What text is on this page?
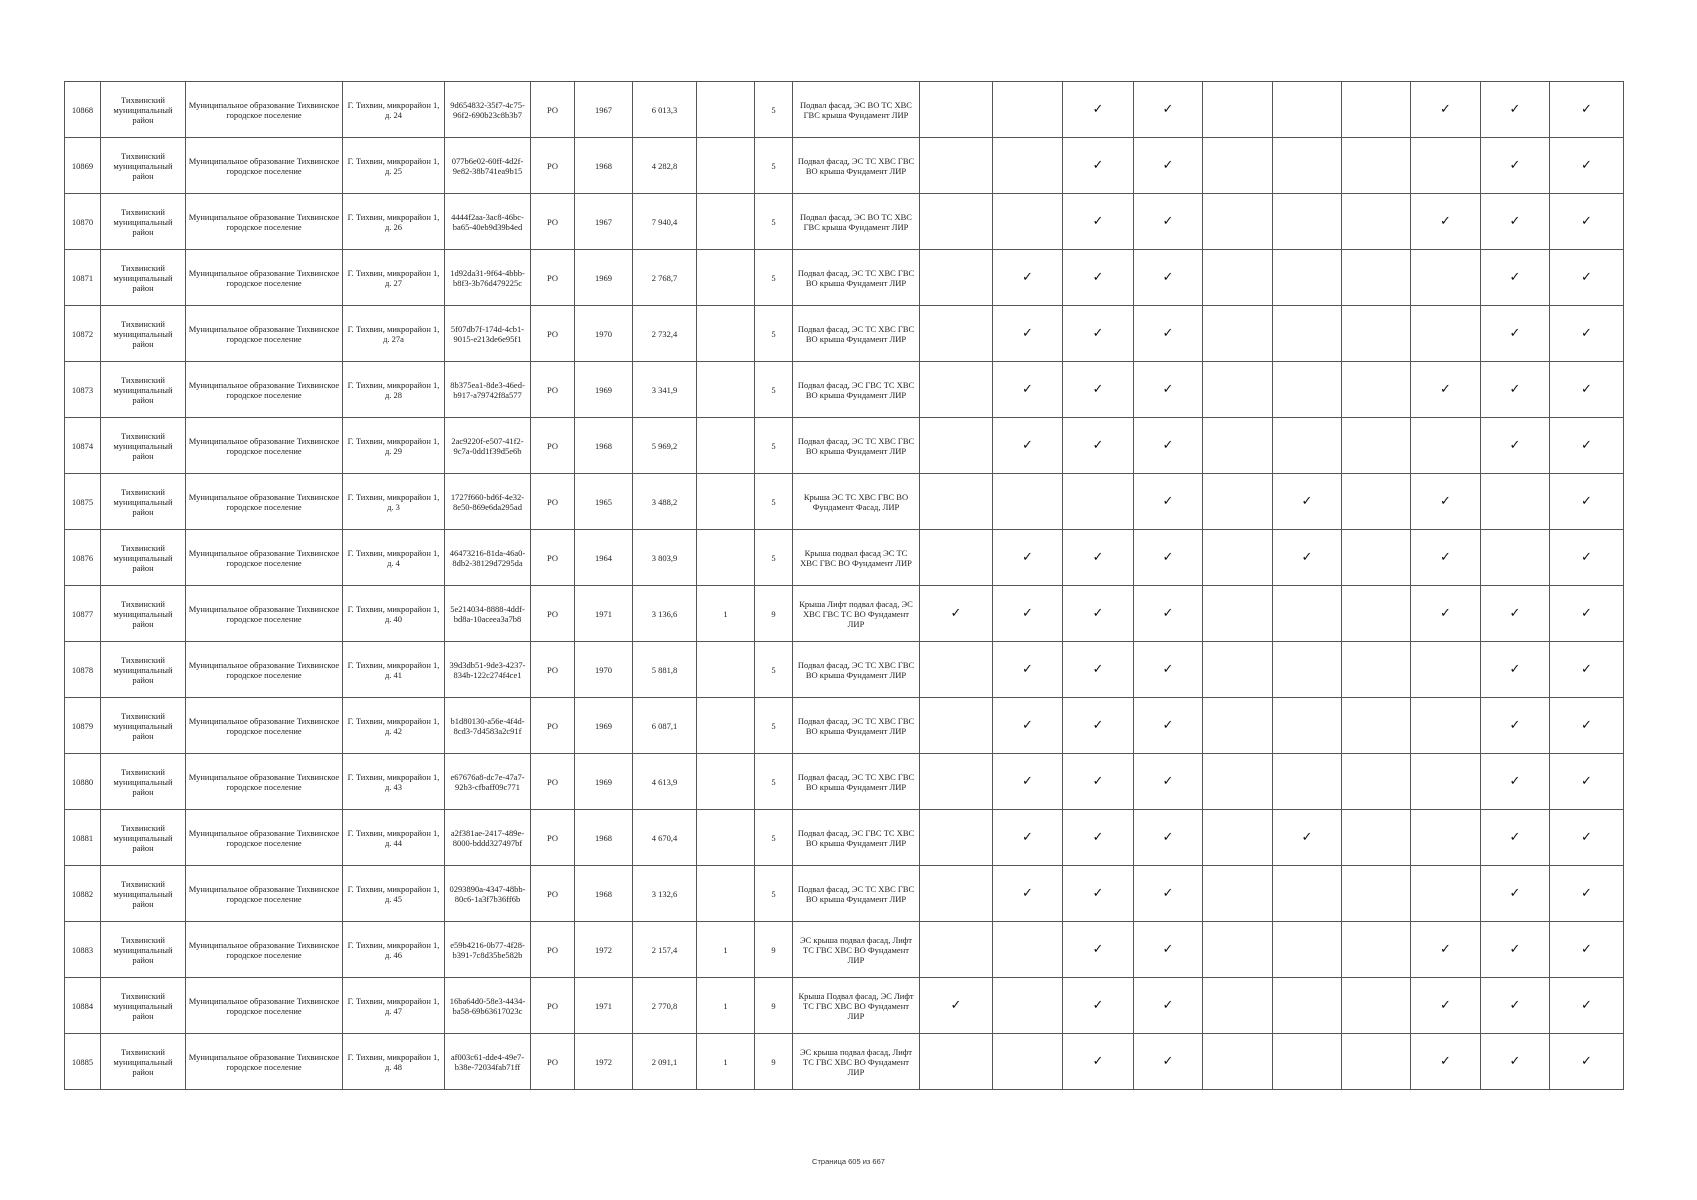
10868	Тихвинский муниципальный район	Муниципальное образование Тихвинское городское поселение	Г. Тихвин, микрорайон 1, д. 24	9d654832-35f7-4c75-96f2-690b23c8b3b7	РО	1967	6 013,3		5	Подвал фасад, ЭС ВО ТС ХВС ГВС крыша Фундамент ЛИР			✓	✓				✓	✓	✓
10869	Тихвинский муниципальный район	Муниципальное образование Тихвинское городское поселение	Г. Тихвин, микрорайон 1, д. 25	077b6e02-60ff-4d2f-9e82-38b741ea9b15	РО	1968	4 282,8		5	Подвал фасад, ЭС ТС ХВС ГВС ВО крыша Фундамент ЛИР			✓	✓					✓	✓
10870	Тихвинский муниципальный район	Муниципальное образование Тихвинское городское поселение	Г. Тихвин, микрорайон 1, д. 26	4444f2aa-3ac8-46bc-ba65-40eb9d39b4ed	РО	1967	7 940,4		5	Подвал фасад, ЭС ВО ТС ХВС ГВС крыша Фундамент ЛИР			✓	✓				✓	✓	✓
10871	Тихвинский муниципальный район	Муниципальное образование Тихвинское городское поселение	Г. Тихвин, микрорайон 1, д. 27	1d92da31-9f64-4bbb-b8f3-3b76d479225c	РО	1969	2 768,7		5	Подвал фасад, ЭС ТС ХВС ГВС ВО крыша Фундамент ЛИР		✓	✓	✓					✓	✓
10872	Тихвинский муниципальный район	Муниципальное образование Тихвинское городское поселение	Г. Тихвин, микрорайон 1, д. 27а	5f07db7f-174d-4cb1-9015-e213de6e95f1	РО	1970	2 732,4		5	Подвал фасад, ЭС ТС ХВС ГВС ВО крыша Фундамент ЛИР		✓	✓	✓					✓	✓
10873	Тихвинский муниципальный район	Муниципальное образование Тихвинское городское поселение	Г. Тихвин, микрорайон 1, д. 28	8b375ea1-8de3-46ed-b917-a79742f8a577	РО	1969	3 341,9		5	Подвал фасад, ЭС ГВС ТС ХВС ВО крыша Фундамент ЛИР		✓	✓	✓				✓	✓	✓
10874	Тихвинский муниципальный район	Муниципальное образование Тихвинское городское поселение	Г. Тихвин, микрорайон 1, д. 29	2ac9220f-e507-41f2-9c7a-0dd1f39d5e6b	РО	1968	5 969,2		5	Подвал фасад, ЭС ТС ХВС ГВС ВО крыша Фундамент ЛИР		✓	✓	✓					✓	✓
10875	Тихвинский муниципальный район	Муниципальное образование Тихвинское городское поселение	Г. Тихвин, микрорайон 1, д. 3	1727f660-bd6f-4e32-8e50-869e6da295ad	РО	1965	3 488,2		5	Крыша ЭС ТС ХВС ГВС ВО Фундамент Фасад, ЛИР				✓		✓		✓		✓
10876	Тихвинский муниципальный район	Муниципальное образование Тихвинское городское поселение	Г. Тихвин, микрорайон 1, д. 4	46473216-81da-46a0-8db2-38129d7295da	РО	1964	3 803,9		5	Крыша подвал фасад ЭС ТС ХВС ГВС ВО Фундамент ЛИР		✓	✓	✓		✓		✓		✓
10877	Тихвинский муниципальный район	Муниципальное образование Тихвинское городское поселение	Г. Тихвин, микрорайон 1, д. 40	5e214034-8888-4ddf-bd8a-10aceea3a7b8	РО	1971	3 136,6	1	9	Крыша Лифт подвал фасад, ЭС ХВС ГВС ТС ВО Фундамент ЛИР	✓	✓	✓	✓				✓	✓	✓
10878	Тихвинский муниципальный район	Муниципальное образование Тихвинское городское поселение	Г. Тихвин, микрорайон 1, д. 41	39d3db51-9de3-4237-834b-122c274f4ce1	РО	1970	5 881,8		5	Подвал фасад, ЭС ТС ХВС ГВС ВО крыша Фундамент ЛИР		✓	✓	✓					✓	✓
10879	Тихвинский муниципальный район	Муниципальное образование Тихвинское городское поселение	Г. Тихвин, микрорайон 1, д. 42	b1d80130-a56e-4f4d-8cd3-7d4583a2c91f	РО	1969	6 087,1		5	Подвал фасад, ЭС ТС ХВС ГВС ВО крыша Фундамент ЛИР		✓	✓	✓					✓	✓
10880	Тихвинский муниципальный район	Муниципальное образование Тихвинское городское поселение	Г. Тихвин, микрорайон 1, д. 43	e67676a8-dc7e-47a7-92b3-cfbaff09c771	РО	1969	4 613,9		5	Подвал фасад, ЭС ТС ХВС ГВС ВО крыша Фундамент ЛИР		✓	✓	✓					✓	✓
10881	Тихвинский муниципальный район	Муниципальное образование Тихвинское городское поселение	Г. Тихвин, микрорайон 1, д. 44	a2f381ae-2417-489e-8000-bddd327497bf	РО	1968	4 670,4		5	Подвал фасад, ЭС ГВС ТС ХВС ВО крыша Фундамент ЛИР		✓	✓	✓		✓			✓	✓
10882	Тихвинский муниципальный район	Муниципальное образование Тихвинское городское поселение	Г. Тихвин, микрорайон 1, д. 45	0293890a-4347-48bb-80c6-1a3f7b36ff6b	РО	1968	3 132,6		5	Подвал фасад, ЭС ТС ХВС ГВС ВО крыша Фундамент ЛИР		✓	✓	✓					✓	✓
10883	Тихвинский муниципальный район	Муниципальное образование Тихвинское городское поселение	Г. Тихвин, микрорайон 1, д. 46	e59b4216-0b77-4f28-b391-7c8d35be582b	РО	1972	2 157,4	1	9	ЭС крыша подвал фасад, Лифт ТС ГВС ХВС ВО Фундамент ЛИР			✓	✓				✓	✓	✓
10884	Тихвинский муниципальный район	Муниципальное образование Тихвинское городское поселение	Г. Тихвин, микрорайон 1, д. 47	16ba64d0-58e3-4434-ba58-69b63617023c	РО	1971	2 770,8	1	9	Крыша Подвал фасад, ЭС Лифт ТС ГВС ХВС ВО Фундамент ЛИР	✓		✓	✓				✓	✓	✓
10885	Тихвинский муниципальный район	Муниципальное образование Тихвинское городское поселение	Г. Тихвин, микрорайон 1, д. 48	af003c61-dde4-49e7-b38e-72034fab71ff	РО	1972	2 091,1	1	9	ЭС крыша подвал фасад, Лифт ТС ГВС ХВС ВО Фундамент ЛИР			✓	✓				✓	✓	✓
Страница 605 из 667
